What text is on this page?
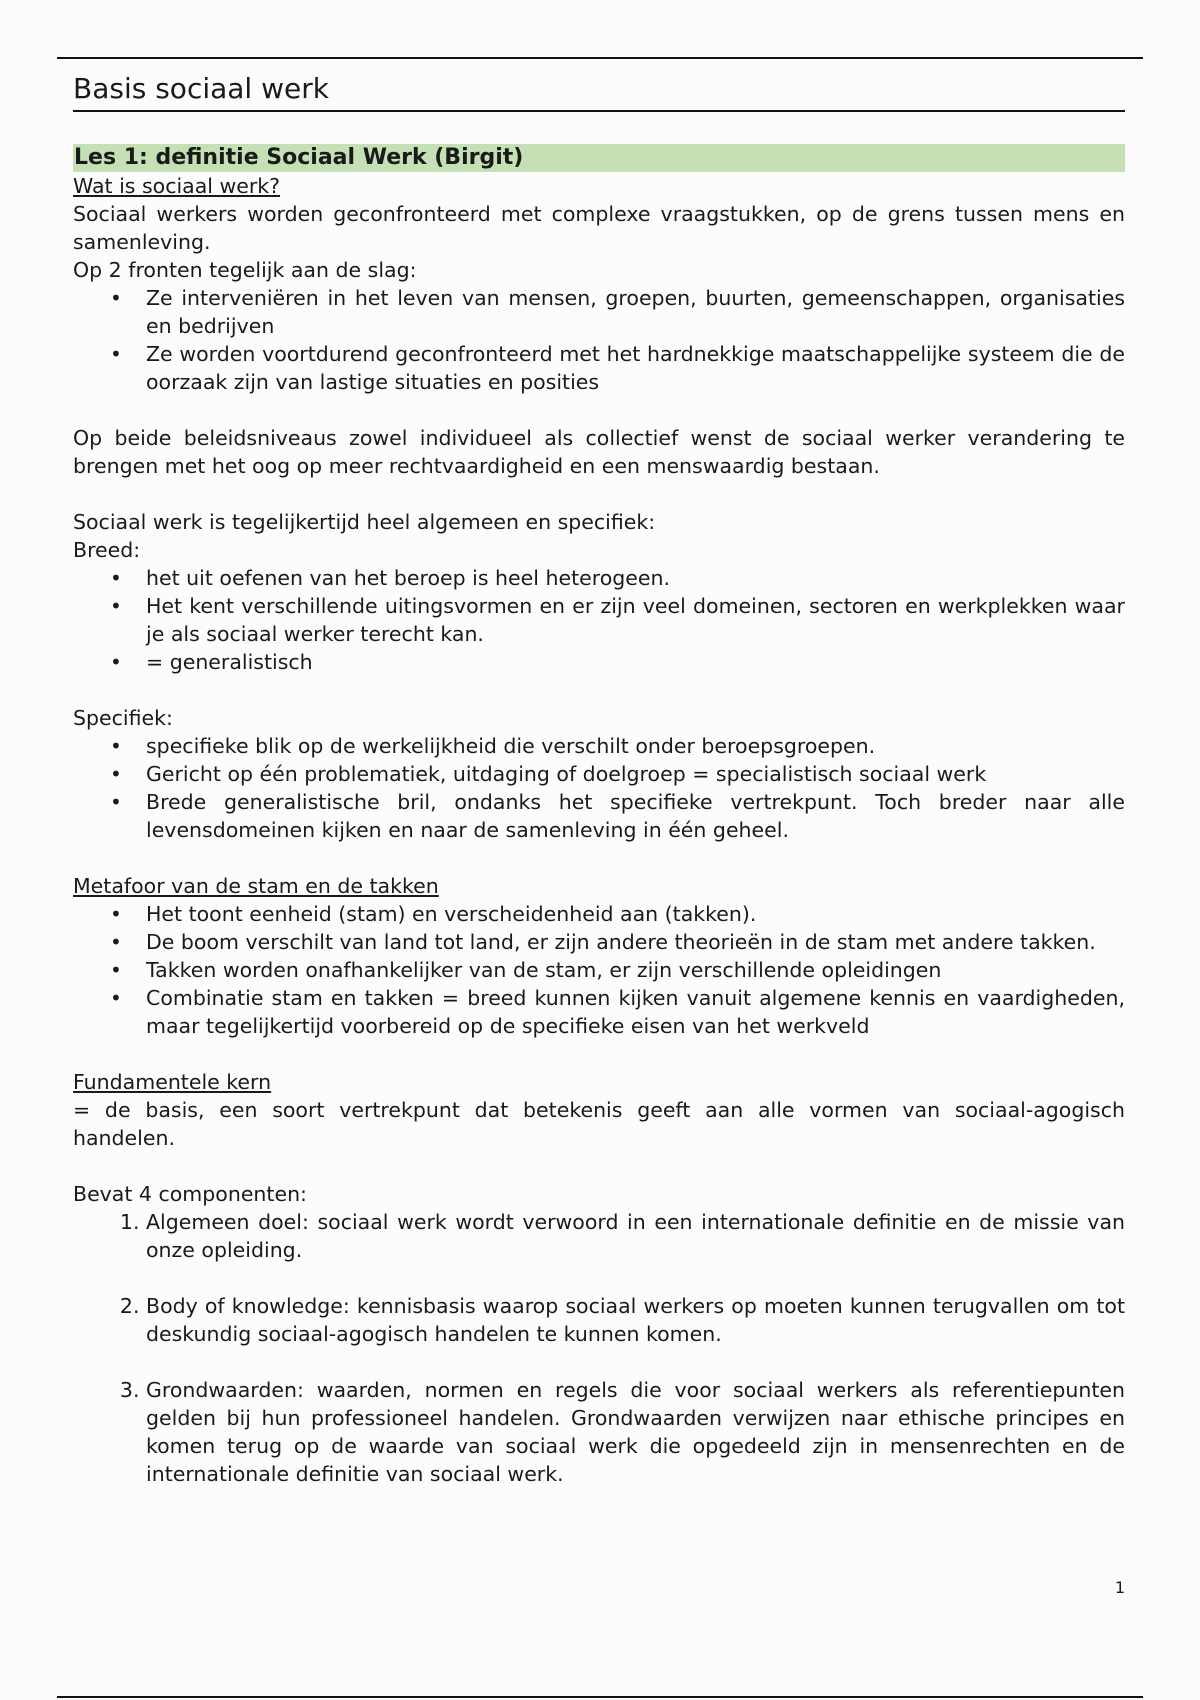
Basis sociaal werk
Les 1: definitie Sociaal Werk (Birgit)

Wat is sociaal werk?

Sociaal werkers worden geconfronteerd met complexe vraagstukken, op de grens tussen mens en samenleving.

Op 2 fronten tegelijk aan de slag:

• Ze interveniëren in het leven van mensen, groepen, buurten, gemeenschappen, organisaties en bedrijven
• Ze worden voortdurend geconfronteerd met het hardnekkige maatschappelijke systeem die de oorzaak zijn van lastige situaties en posities

Op beide beleidsniveaus zowel individueel als collectief wenst de sociaal werker verandering te brengen met het oog op meer rechtvaardigheid en een menswaardig bestaan.

Sociaal werk is tegelijkertijd heel algemeen en specifiek:

Breed:

• het uit oefenen van het beroep is heel heterogeen.
• Het kent verschillende uitingsvormen en er zijn veel domeinen, sectoren en werkplekken waar je als sociaal werker terecht kan.
• = generalistisch

Specifiek:

• specifieke blik op de werkelijkheid die verschilt onder beroepsgroepen.
• Gericht op één problematiek, uitdaging of doelgroep = specialistisch sociaal werk
• Brede generalistische bril, ondanks het specifieke vertrekpunt. Toch breder naar alle levensdomeinen kijken en naar de samenleving in één geheel.

Metafoor van de stam en de takken

• Het toont eenheid (stam) en verscheidenheid aan (takken).
• De boom verschilt van land tot land, er zijn andere theorieën in de stam met andere takken.
• Takken worden onafhankelijker van de stam, er zijn verschillende opleidingen
• Combinatie stam en takken = breed kunnen kijken vanuit algemene kennis en vaardigheden, maar tegelijkertijd voorbereid op de specifieke eisen van het werkveld

Fundamentele kern

= de basis, een soort vertrekpunt dat betekenis geeft aan alle vormen van sociaal-agogisch handelen.

Bevat 4 componenten:

1. Algemeen doel: sociaal werk wordt verwoord in een internationale definitie en de missie van onze opleiding.
2. Body of knowledge: kennisbasis waarop sociaal werkers op moeten kunnen terugvallen om tot deskundig sociaal-agogisch handelen te kunnen komen.
3. Grondwaarden: waarden, normen en regels die voor sociaal werkers als referentiepunten gelden bij hun professioneel handelen. Grondwaarden verwijzen naar ethische principes en komen terug op de waarde van sociaal werk die opgedeeld zijn in mensenrechten en de internationale definitie van sociaal werk.
1
